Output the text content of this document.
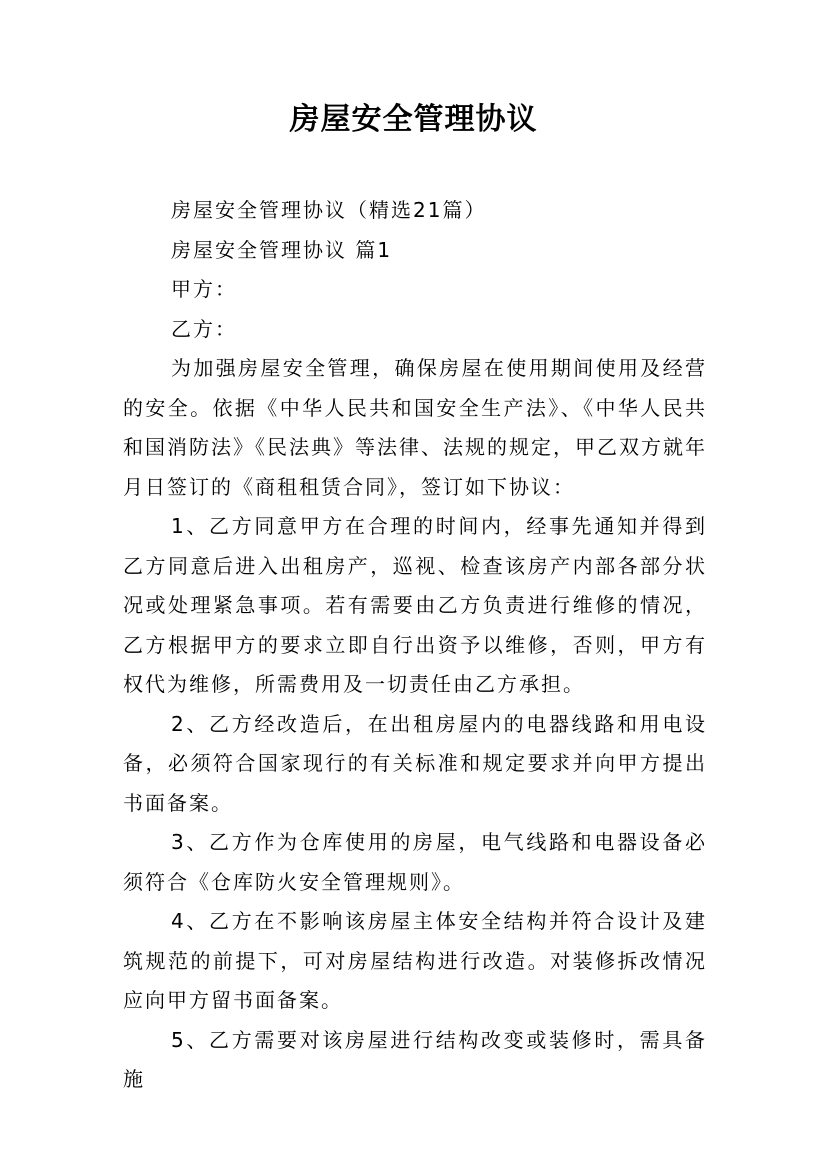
房屋安全管理协议

房屋安全管理协议（精选21篇）

房屋安全管理协议 篇1

甲方：

乙方：

为加强房屋安全管理，确保房屋在使用期间使用及经营的安全。依据《中华人民共和国安全生产法》、《中华人民共和国消防法》《民法典》等法律、法规的规定，甲乙双方就年月日签订的《商租租赁合同》，签订如下协议：

1、乙方同意甲方在合理的时间内，经事先通知并得到乙方同意后进入出租房产，巡视、检查该房产内部各部分状况或处理紧急事项。若有需要由乙方负责进行维修的情况，乙方根据甲方的要求立即自行出资予以维修，否则，甲方有权代为维修，所需费用及一切责任由乙方承担。

2、乙方经改造后，在出租房屋内的电器线路和用电设备，必须符合国家现行的有关标准和规定要求并向甲方提出书面备案。

3、乙方作为仓库使用的房屋，电气线路和电器设备必须符合《仓库防火安全管理规则》。

4、乙方在不影响该房屋主体安全结构并符合设计及建筑规范的前提下，可对房屋结构进行改造。对装修拆改情况应向甲方留书面备案。

5、乙方需要对该房屋进行结构改变或装修时，需具备施
